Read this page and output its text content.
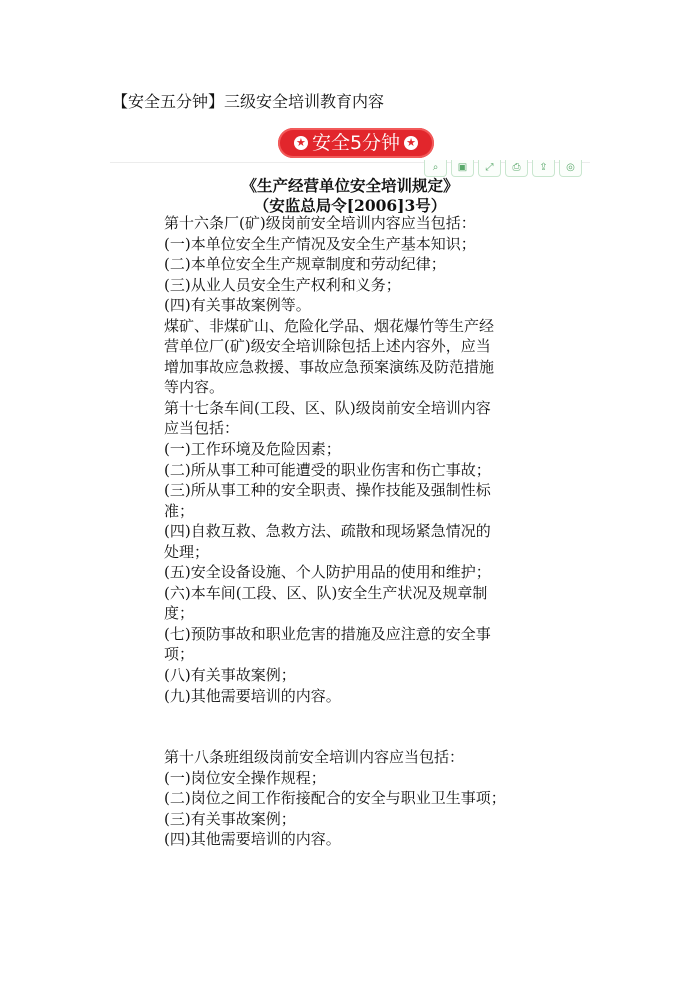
【安全五分钟】三级安全培训教育内容
★ 安全5分钟 ★
⌕	▣	⤢	⎙	⇪	◎
《生产经营单位安全培训规定》
（安监总局令[2006]3号）
第十六条厂(矿)级岗前安全培训内容应当包括：
(一)本单位安全生产情况及安全生产基本知识；
(二)本单位安全生产规章制度和劳动纪律；
(三)从业人员安全生产权利和义务；
(四)有关事故案例等。
煤矿、非煤矿山、危险化学品、烟花爆竹等生产经
营单位厂(矿)级安全培训除包括上述内容外，应当
增加事故应急救援、事故应急预案演练及防范措施
等内容。
第十七条车间(工段、区、队)级岗前安全培训内容
应当包括：
(一)工作环境及危险因素；
(二)所从事工种可能遭受的职业伤害和伤亡事故；
(三)所从事工种的安全职责、操作技能及强制性标
准；
(四)自救互救、急救方法、疏散和现场紧急情况的
处理；
(五)安全设备设施、个人防护用品的使用和维护；
(六)本车间(工段、区、队)安全生产状况及规章制
度；
(七)预防事故和职业危害的措施及应注意的安全事
项；
(八)有关事故案例；
(九)其他需要培训的内容。
第十八条班组级岗前安全培训内容应当包括：
(一)岗位安全操作规程；
(二)岗位之间工作衔接配合的安全与职业卫生事项；
(三)有关事故案例；
(四)其他需要培训的内容。
